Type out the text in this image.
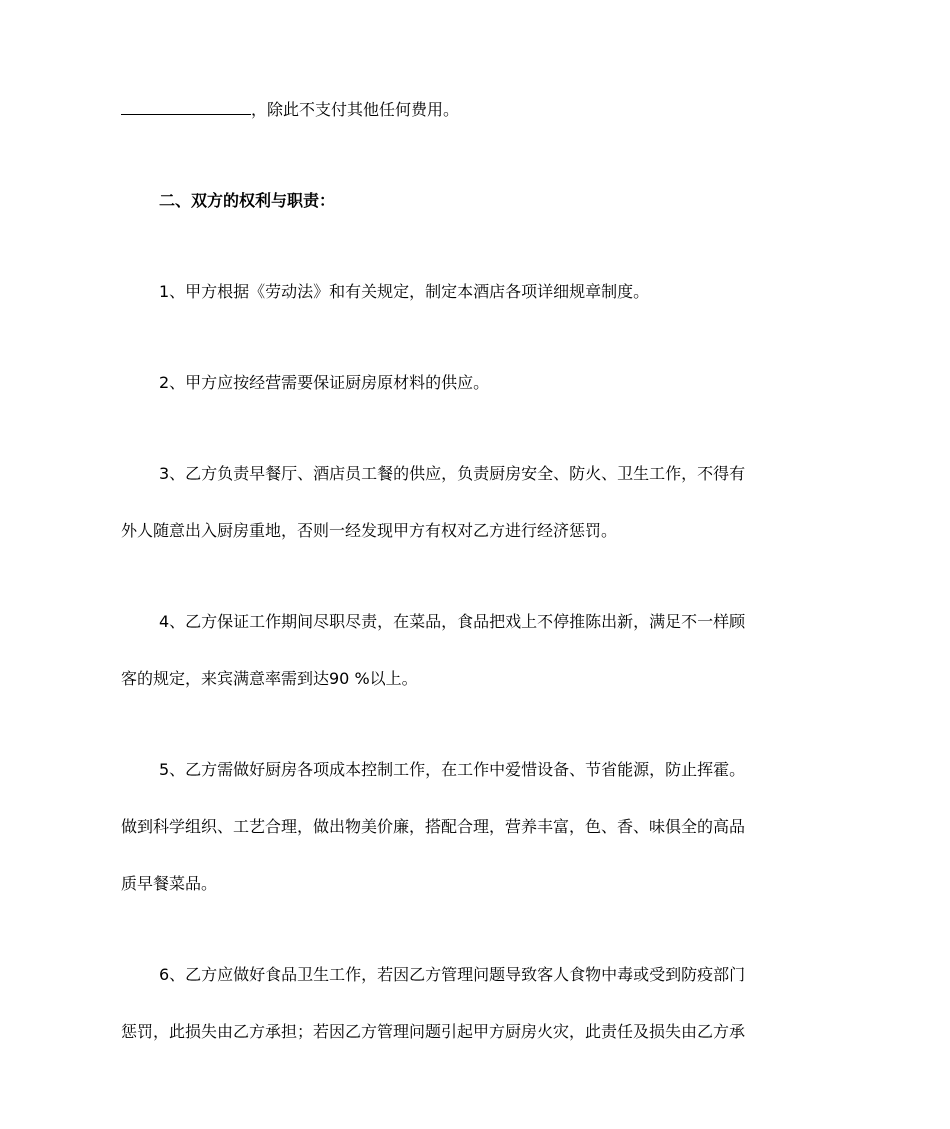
，除此不支付其他任何费用。
二、双方的权利与职责：
1、甲方根据《劳动法》和有关规定，制定本酒店各项详细规章制度。
2、甲方应按经营需要保证厨房原材料的供应。
3、乙方负责早餐厅、酒店员工餐的供应，负责厨房安全、防火、卫生工作，不得有
外人随意出入厨房重地，否则一经发现甲方有权对乙方进行经济惩罚。
4、乙方保证工作期间尽职尽责，在菜品，食品把戏上不停推陈出新，满足不一样顾
客的规定，来宾满意率需到达90 %以上。
5、乙方需做好厨房各项成本控制工作，在工作中爱惜设备、节省能源，防止挥霍。
做到科学组织、工艺合理，做出物美价廉，搭配合理，营养丰富，色、香、味俱全的高品
质早餐菜品。
6、乙方应做好食品卫生工作，若因乙方管理问题导致客人食物中毒或受到防疫部门
惩罚，此损失由乙方承担；若因乙方管理问题引起甲方厨房火灾，此责任及损失由乙方承
